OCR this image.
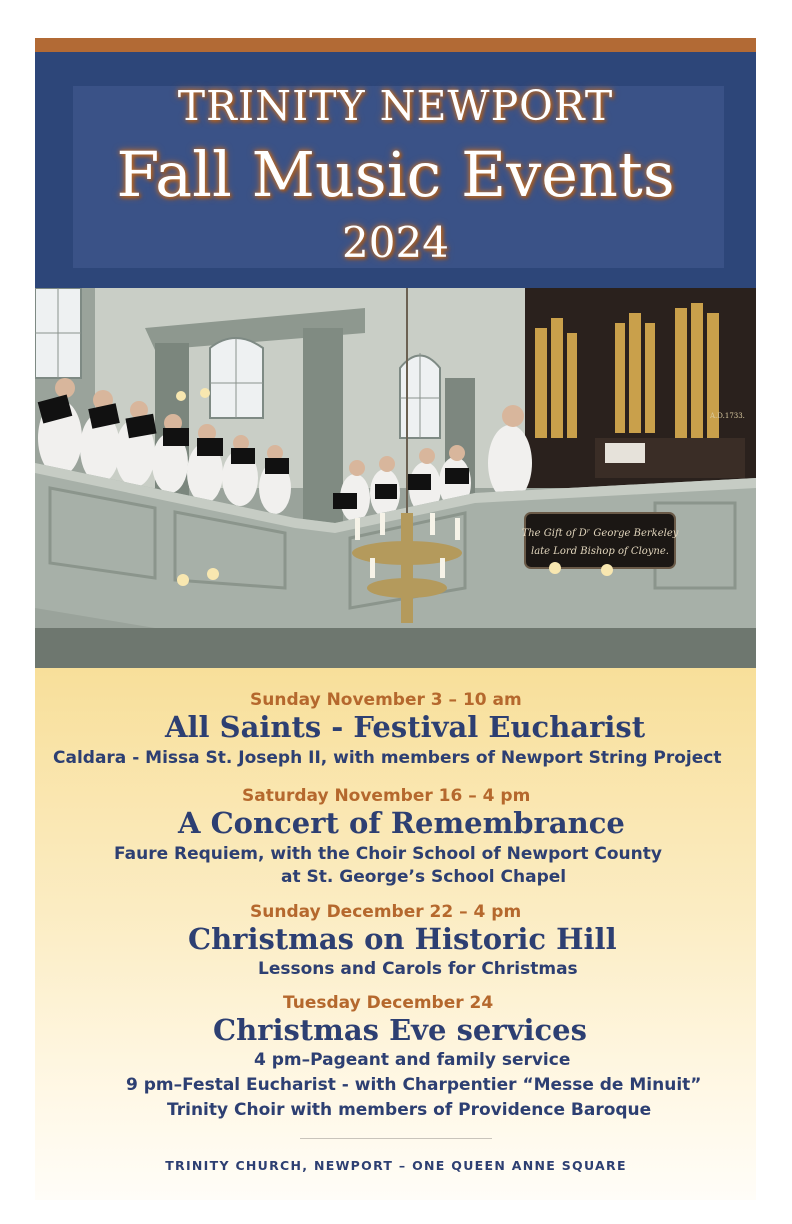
TRINITY NEWPORT
Fall Music Events
2024
A.D.1733.
The Gift of Dʳ George Berkeley
late Lord Bishop of Cloyne.
Sunday November 3 – 10 am
All Saints - Festival Eucharist
Caldara - Missa St. Joseph II, with members of Newport String Project
Saturday November 16 – 4 pm
A Concert of Remembrance
Faure Requiem, with the Choir School of Newport County
at St. George’s School Chapel
Sunday December 22 – 4 pm
Christmas on Historic Hill
Lessons and Carols for Christmas
Tuesday December 24
Christmas Eve services
4 pm–Pageant and family service
9 pm–Festal Eucharist - with Charpentier “Messe de Minuit”
Trinity Choir with members of Providence Baroque
TRINITY CHURCH, NEWPORT – ONE QUEEN ANNE SQUARE
